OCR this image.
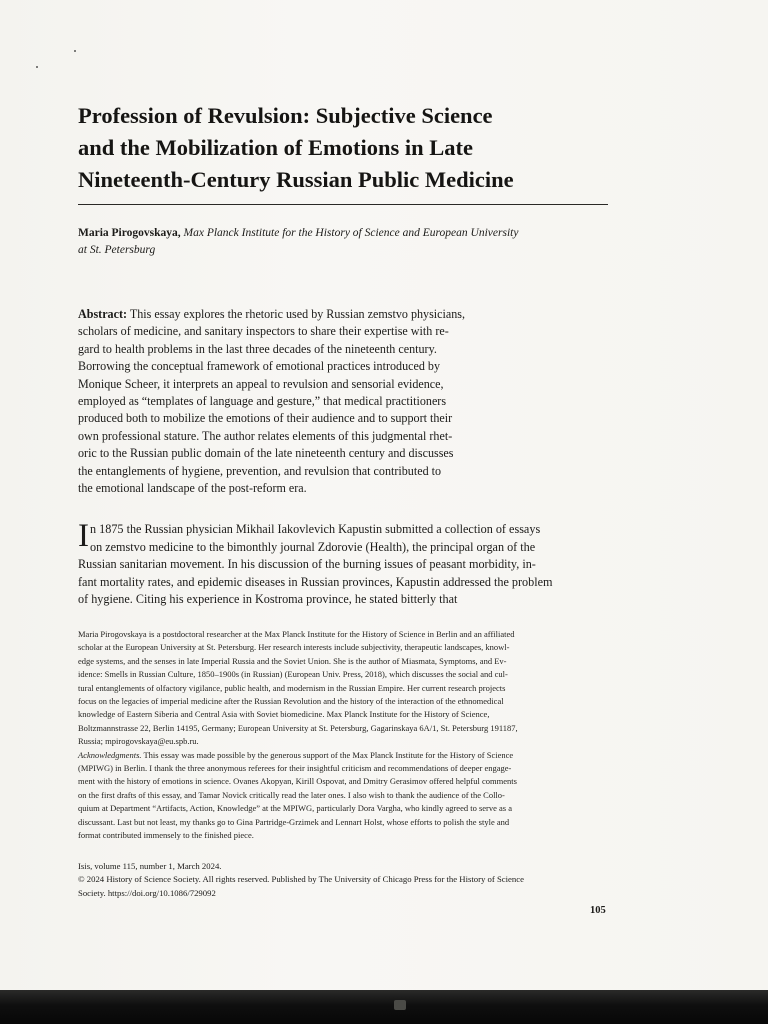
Profession of Revulsion: Subjective Science
and the Mobilization of Emotions in Late
Nineteenth-Century Russian Public Medicine
Maria Pirogovskaya, Max Planck Institute for the History of Science and European University
at St. Petersburg
Abstract: This essay explores the rhetoric used by Russian zemstvo physicians,
scholars of medicine, and sanitary inspectors to share their expertise with re-
gard to health problems in the last three decades of the nineteenth century.
Borrowing the conceptual framework of emotional practices introduced by
Monique Scheer, it interprets an appeal to revulsion and sensorial evidence,
employed as “templates of language and gesture,” that medical practitioners
produced both to mobilize the emotions of their audience and to support their
own professional stature. The author relates elements of this judgmental rhet-
oric to the Russian public domain of the late nineteenth century and discusses
the entanglements of hygiene, prevention, and revulsion that contributed to
the emotional landscape of the post-reform era.
I n 1875 the Russian physician Mikhail Iakovlevich Kapustin submitted a collection of essays
on zemstvo medicine to the bimonthly journal Zdorovie (Health), the principal organ of the
Russian sanitarian movement. In his discussion of the burning issues of peasant morbidity, in-
fant mortality rates, and epidemic diseases in Russian provinces, Kapustin addressed the problem
of hygiene. Citing his experience in Kostroma province, he stated bitterly that
Maria Pirogovskaya is a postdoctoral researcher at the Max Planck Institute for the History of Science in Berlin and an affiliated
scholar at the European University at St. Petersburg. Her research interests include subjectivity, therapeutic landscapes, knowl-
edge systems, and the senses in late Imperial Russia and the Soviet Union. She is the author of Miasmata, Symptoms, and Ev-
idence: Smells in Russian Culture, 1850–1900s (in Russian) (European Univ. Press, 2018), which discusses the social and cul-
tural entanglements of olfactory vigilance, public health, and modernism in the Russian Empire. Her current research projects
focus on the legacies of imperial medicine after the Russian Revolution and the history of the interaction of the ethnomedical
knowledge of Eastern Siberia and Central Asia with Soviet biomedicine. Max Planck Institute for the History of Science,
Boltzmannstrasse 22, Berlin 14195, Germany; European University at St. Petersburg, Gagarinskaya 6A/1, St. Petersburg 191187,
Russia; mpirogovskaya@eu.spb.ru.
Acknowledgments. This essay was made possible by the generous support of the Max Planck Institute for the History of Science
(MPIWG) in Berlin. I thank the three anonymous referees for their insightful criticism and recommendations of deeper engage-
ment with the history of emotions in science. Ovanes Akopyan, Kirill Ospovat, and Dmitry Gerasimov offered helpful comments
on the first drafts of this essay, and Tamar Novick critically read the later ones. I also wish to thank the audience of the Collo-
quium at Department “Artifacts, Action, Knowledge” at the MPIWG, particularly Dora Vargha, who kindly agreed to serve as a
discussant. Last but not least, my thanks go to Gina Partridge-Grzimek and Lennart Holst, whose efforts to polish the style and
format contributed immensely to the finished piece.
Isis, volume 115, number 1, March 2024.
© 2024 History of Science Society. All rights reserved. Published by The University of Chicago Press for the History of Science
Society. https://doi.org/10.1086/729092
105
